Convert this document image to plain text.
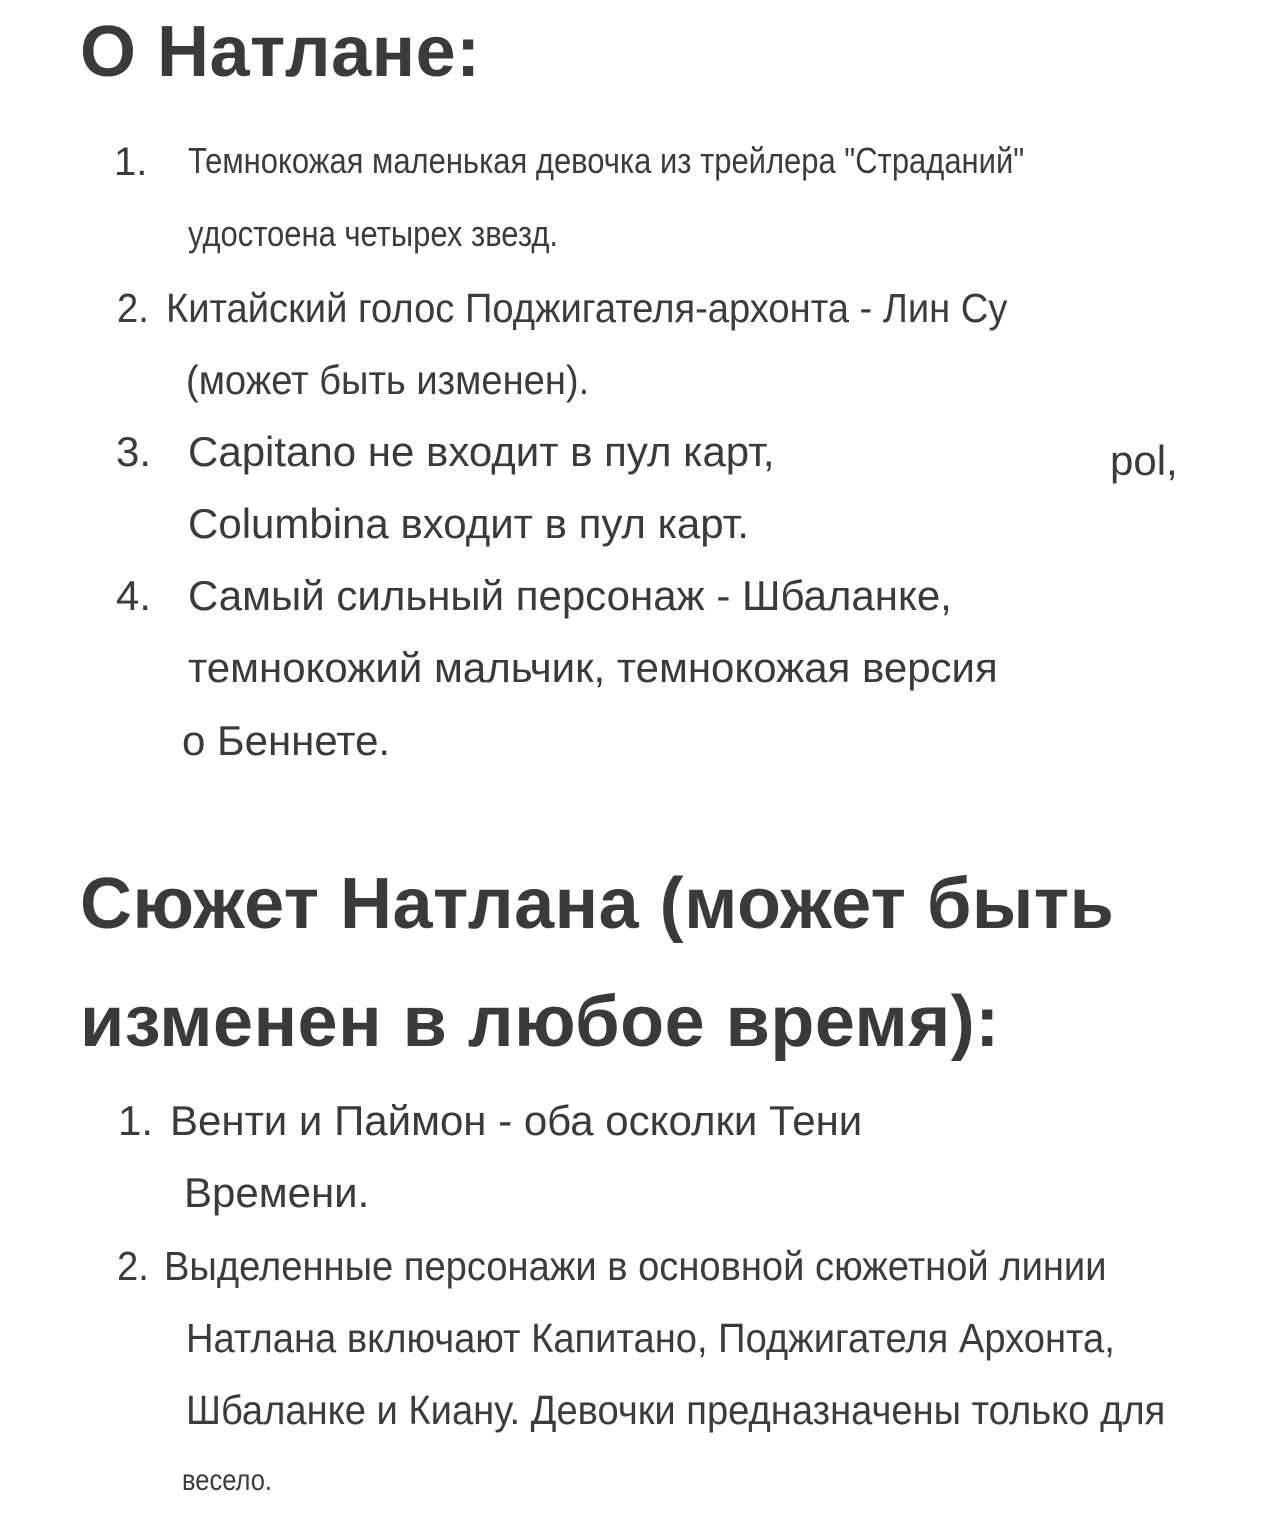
О Натлане:
1. Темнокожая маленькая девочка из трейлера "Страданий"
удостоена четырех звезд.
2. Китайский голос Поджигателя-архонта - Лин Су
(может быть изменен).
3. Capitano не входит в пул карт,	pol,
Columbina входит в пул карт.
4. Самый сильный персонаж - Шбаланке,
темнокожий мальчик, темнокожая версия
о Беннете.
Сюжет Натлана (может быть
изменен в любое время):
1. Венти и Паймон - оба осколки Тени
Времени.
2. Выделенные персонажи в основной сюжетной линии
Натлана включают Капитано, Поджигателя Архонта,
Шбаланке и Киану. Девочки предназначены только для
весело.
